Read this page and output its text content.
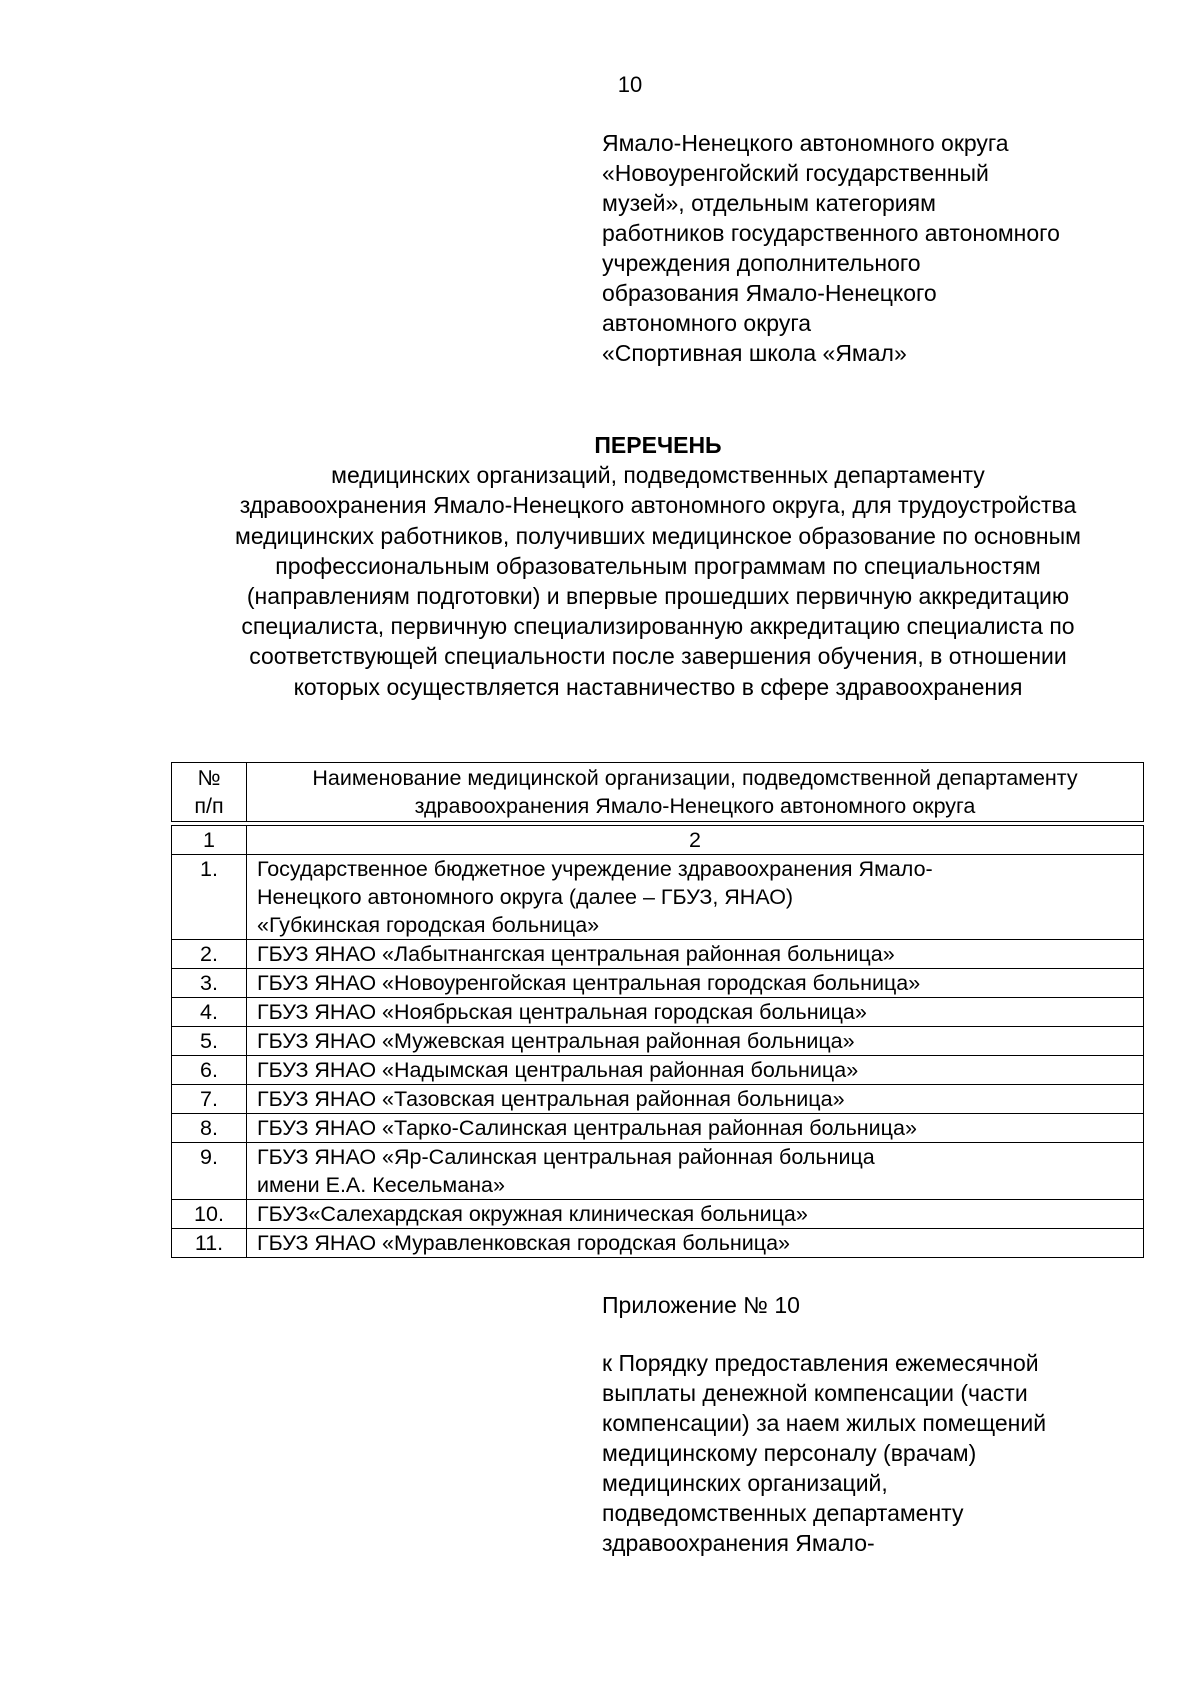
10
Ямало-Ненецкого автономного округа
«Новоуренгойский государственный
музей», отдельным категориям
работников государственного автономного
учреждения дополнительного
образования Ямало-Ненецкого
автономного округа
«Спортивная школа «Ямал»
ПЕРЕЧЕНЬ
медицинских организаций, подведомственных департаменту
здравоохранения Ямало-Ненецкого автономного округа, для трудоустройства
медицинских работников, получивших медицинское образование по основным
профессиональным образовательным программам по специальностям
(направлениям подготовки) и впервые прошедших первичную аккредитацию
специалиста, первичную специализированную аккредитацию специалиста по
соответствующей специальности после завершения обучения, в отношении
которых осуществляется наставничество в сфере здравоохранения
№
п/п	Наименование медицинской организации, подведомственной департаменту
здравоохранения Ямало-Ненецкого автономного округа

1	2
1.	Государственное бюджетное учреждение здравоохранения Ямало-
Ненецкого автономного округа (далее – ГБУЗ, ЯНАО)
«Губкинская городская больница»

2.	ГБУЗ ЯНАО «Лабытнангская центральная районная больница»

3.	ГБУЗ ЯНАО «Новоуренгойская центральная городская больница»

4.	ГБУЗ ЯНАО «Ноябрьская центральная городская больница»

5.	ГБУЗ ЯНАО «Мужевская центральная районная больница»

6.	ГБУЗ ЯНАО «Надымская центральная районная больница»

7.	ГБУЗ ЯНАО «Тазовская центральная районная больница»

8.	ГБУЗ ЯНАО «Тарко-Салинская центральная районная больница»

9.	ГБУЗ ЯНАО «Яр-Салинская центральная районная больница
имени Е.А. Кесельмана»

10.	ГБУЗ«Салехардская окружная клиническая больница»

11.	ГБУЗ ЯНАО «Муравленковская городская больница»
Приложение № 10
к Порядку предоставления ежемесячной
выплаты денежной компенсации (части
компенсации) за наем жилых помещений
медицинскому персоналу (врачам)
медицинских организаций,
подведомственных департаменту
здравоохранения Ямало-
